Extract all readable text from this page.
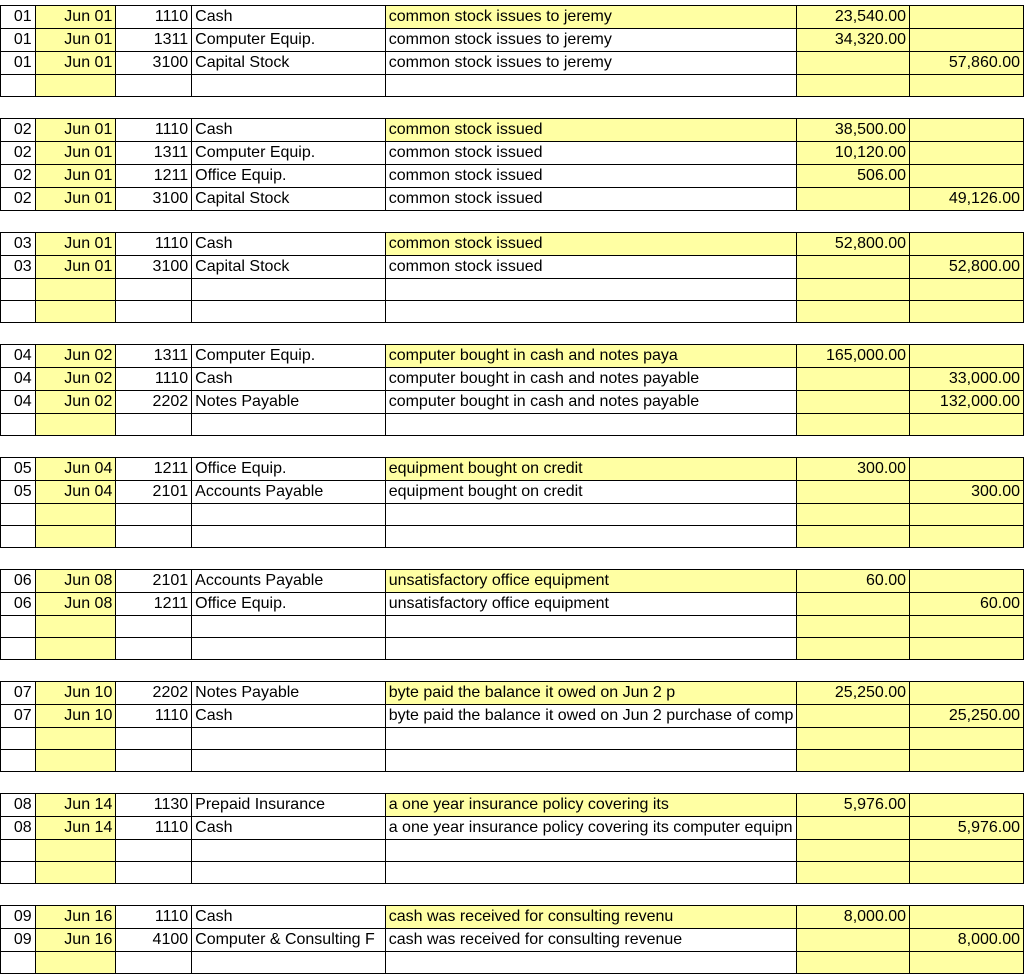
01	Jun 01	1110	Cash	common stock issues to jeremy	23,540.00	
01	Jun 01	1311	Computer Equip.	common stock issues to jeremy	34,320.00	
01	Jun 01	3100	Capital Stock	common stock issues to jeremy		57,860.00

02	Jun 01	1110	Cash	common stock issued	38,500.00	
02	Jun 01	1311	Computer Equip.	common stock issued	10,120.00	
02	Jun 01	1211	Office Equip.	common stock issued	506.00	
02	Jun 01	3100	Capital Stock	common stock issued		49,126.00

03	Jun 01	1110	Cash	common stock issued	52,800.00	
03	Jun 01	3100	Capital Stock	common stock issued		52,800.00

04	Jun 02	1311	Computer Equip.	computer bought in cash and notes paya	165,000.00	
04	Jun 02	1110	Cash	computer bought in cash and notes payable		33,000.00
04	Jun 02	2202	Notes Payable	computer bought in cash and notes payable		132,000.00

05	Jun 04	1211	Office Equip.	equipment bought on credit	300.00	
05	Jun 04	2101	Accounts Payable	equipment bought on credit		300.00

06	Jun 08	2101	Accounts Payable	unsatisfactory office equipment	60.00	
06	Jun 08	1211	Office Equip.	unsatisfactory office equipment		60.00

07	Jun 10	2202	Notes Payable	byte paid the balance it owed on Jun 2 p	25,250.00	
07	Jun 10	1110	Cash	byte paid the balance it owed on Jun 2 purchase of comp		25,250.00

08	Jun 14	1130	Prepaid Insurance	a one year insurance policy covering its	5,976.00	
08	Jun 14	1110	Cash	a one year insurance policy covering its computer equipn		5,976.00

09	Jun 16	1110	Cash	cash was received for consulting revenu	8,000.00	
09	Jun 16	4100	Computer & Consulting F	cash was received for consulting revenue		8,000.00
